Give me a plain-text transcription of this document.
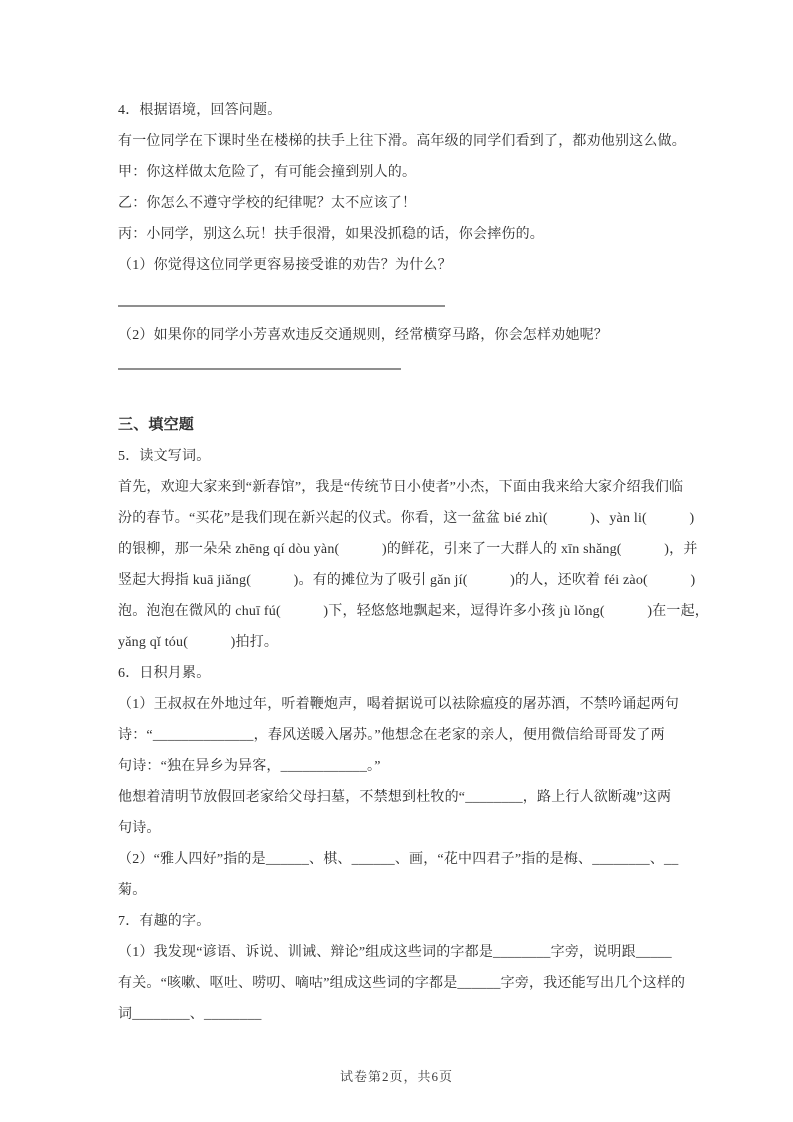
4．根据语境，回答问题。
有一位同学在下课时坐在楼梯的扶手上往下滑。高年级的同学们看到了，都劝他别这么做。
甲：你这样做太危险了，有可能会撞到别人的。
乙：你怎么不遵守学校的纪律呢？太不应该了！
丙：小同学，别这么玩！扶手很滑，如果没抓稳的话，你会摔伤的。
（1）你觉得这位同学更容易接受谁的劝告？为什么？
（2）如果你的同学小芳喜欢违反交通规则，经常横穿马路，你会怎样劝她呢？
三、填空题
5．读文写词。
首先，欢迎大家来到“新春馆”，我是“传统节日小使者”小杰，下面由我来给大家介绍我们临
汾的春节。“买花”是我们现在新兴起的仪式。你看，这一盆盆 bié zhì(　　　)、yàn li(　　　)
的银柳，那一朵朵 zhēng qí dòu yàn(　　　)的鲜花，引来了一大群人的 xīn shǎng(　　　)，并
竖起大拇指 kuā jiǎng(　　　)。有的摊位为了吸引 gǎn jí(　　　)的人，还吹着 féi zào(　　　)
泡。泡泡在微风的 chuī fú(　　　)下，轻悠悠地飘起来，逗得许多小孩 jù lǒng(　　　)在一起，
yǎng qǐ tóu(　　　)拍打。
6．日积月累。
（1）王叔叔在外地过年，听着鞭炮声，喝着据说可以祛除瘟疫的屠苏酒，不禁吟诵起两句
诗：“______________，春风送暖入屠苏。”他想念在老家的亲人，便用微信给哥哥发了两
句诗：“独在异乡为异客，____________。”
他想着清明节放假回老家给父母扫墓，不禁想到杜牧的“________，路上行人欲断魂”这两
句诗。
（2）“雅人四好”指的是______、棋、______、画，“花中四君子”指的是梅、________、__
菊。
7．有趣的字。
（1）我发现“谚语、诉说、训诫、辩论”组成这些词的字都是________字旁，说明跟_____
有关。“咳嗽、呕吐、唠叨、嘀咕”组成这些词的字都是______字旁，我还能写出几个这样的
词________、________
试卷第2页，共6页
